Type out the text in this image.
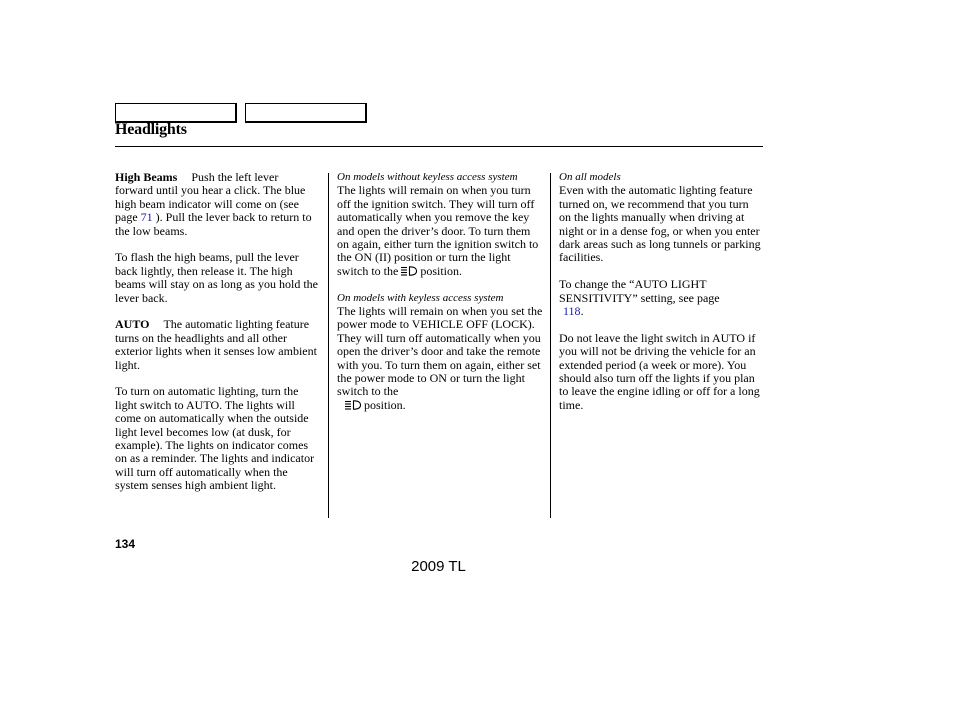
Headlights

High Beams Push the left lever forward until you hear a click. The blue high beam indicator will come on (see page 71 ). Pull the lever back to return to the low beams.

To flash the high beams, pull the lever back lightly, then release it. The high beams will stay on as long as you hold the lever back.

AUTO The automatic lighting feature turns on the headlights and all other exterior lights when it senses low ambient light.

To turn on automatic lighting, turn the light switch to AUTO. The lights will come on automatically when the outside light level becomes low (at dusk, for example). The lights on indicator comes on as a reminder. The lights and indicator will turn off automatically when the system senses high ambient light.

On models without keyless access system

The lights will remain on when you turn off the ignition switch. They will turn off automatically when you remove the key and open the driver’s door. To turn them on again, either turn the ignition switch to the ON (II) position or turn the light switch to the position.

On models with keyless access system

The lights will remain on when you set the power mode to VEHICLE OFF (LOCK). They will turn off automatically when you open the driver’s door and take the remote with you. To turn them on again, either set the power mode to ON or turn the light switch to the
position.

On all models

Even with the automatic lighting feature turned on, we recommend that you turn on the lights manually when driving at night or in a dense fog, or when you enter dark areas such as long tunnels or parking facilities.

To change the “AUTO LIGHT SENSITIVITY” setting, see page
118.

Do not leave the light switch in AUTO if you will not be driving the vehicle for an extended period (a week or more). You should also turn off the lights if you plan to leave the engine idling or off for a long time.

134
2009 TL
